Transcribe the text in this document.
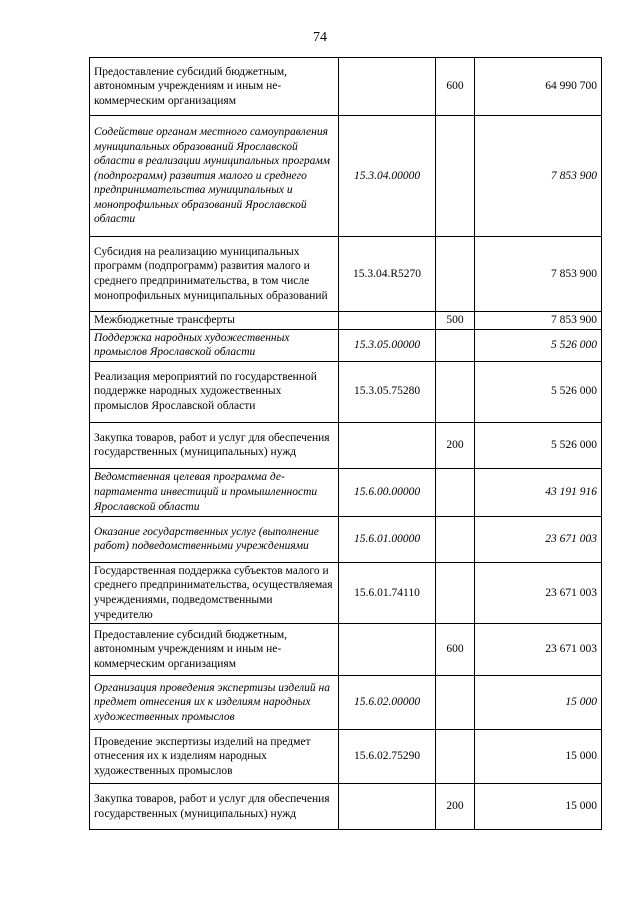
74
Предоставление субсидий бюджетным, автономным учреждениям и иным некоммерческим организациям		600	64 990 700
Содействие органам местного самоуправления муниципальных образований Ярославской области в реализации муниципальных программ (подпрограмм) развития малого и среднего предпринимательства муниципальных и монопрофильных образований Ярославской области	15.3.04.00000		7 853 900
Субсидия на реализацию муниципальных программ (подпрограмм) развития малого и среднего предпринимательства, в том числе монопрофильных муниципальных образований	15.3.04.R5270		7 853 900
Межбюджетные трансферты		500	7 853 900
Поддержка народных художественных промыслов Ярославской области	15.3.05.00000		5 526 000
Реализация мероприятий по государственной поддержке народных художественных промыслов Ярославской области	15.3.05.75280		5 526 000
Закупка товаров, работ и услуг для обеспечения государственных (муниципальных) нужд		200	5 526 000
Ведомственная целевая программа департамента инвестиций и промышленности Ярославской области	15.6.00.00000		43 191 916
Оказание государственных услуг (выполнение работ) подведомственными учреждениями	15.6.01.00000		23 671 003
Государственная поддержка субъектов малого и среднего предпринимательства, осуществляемая учреждениями, подведомственными учредителю	15.6.01.74110		23 671 003
Предоставление субсидий бюджетным, автономным учреждениям и иным некоммерческим организациям		600	23 671 003
Организация проведения экспертизы изделий на предмет отнесения их к изделиям народных художественных промыслов	15.6.02.00000		15 000
Проведение экспертизы изделий на предмет отнесения их к изделиям народных художественных промыслов	15.6.02.75290		15 000
Закупка товаров, работ и услуг для обеспечения государственных (муниципальных) нужд		200	15 000
